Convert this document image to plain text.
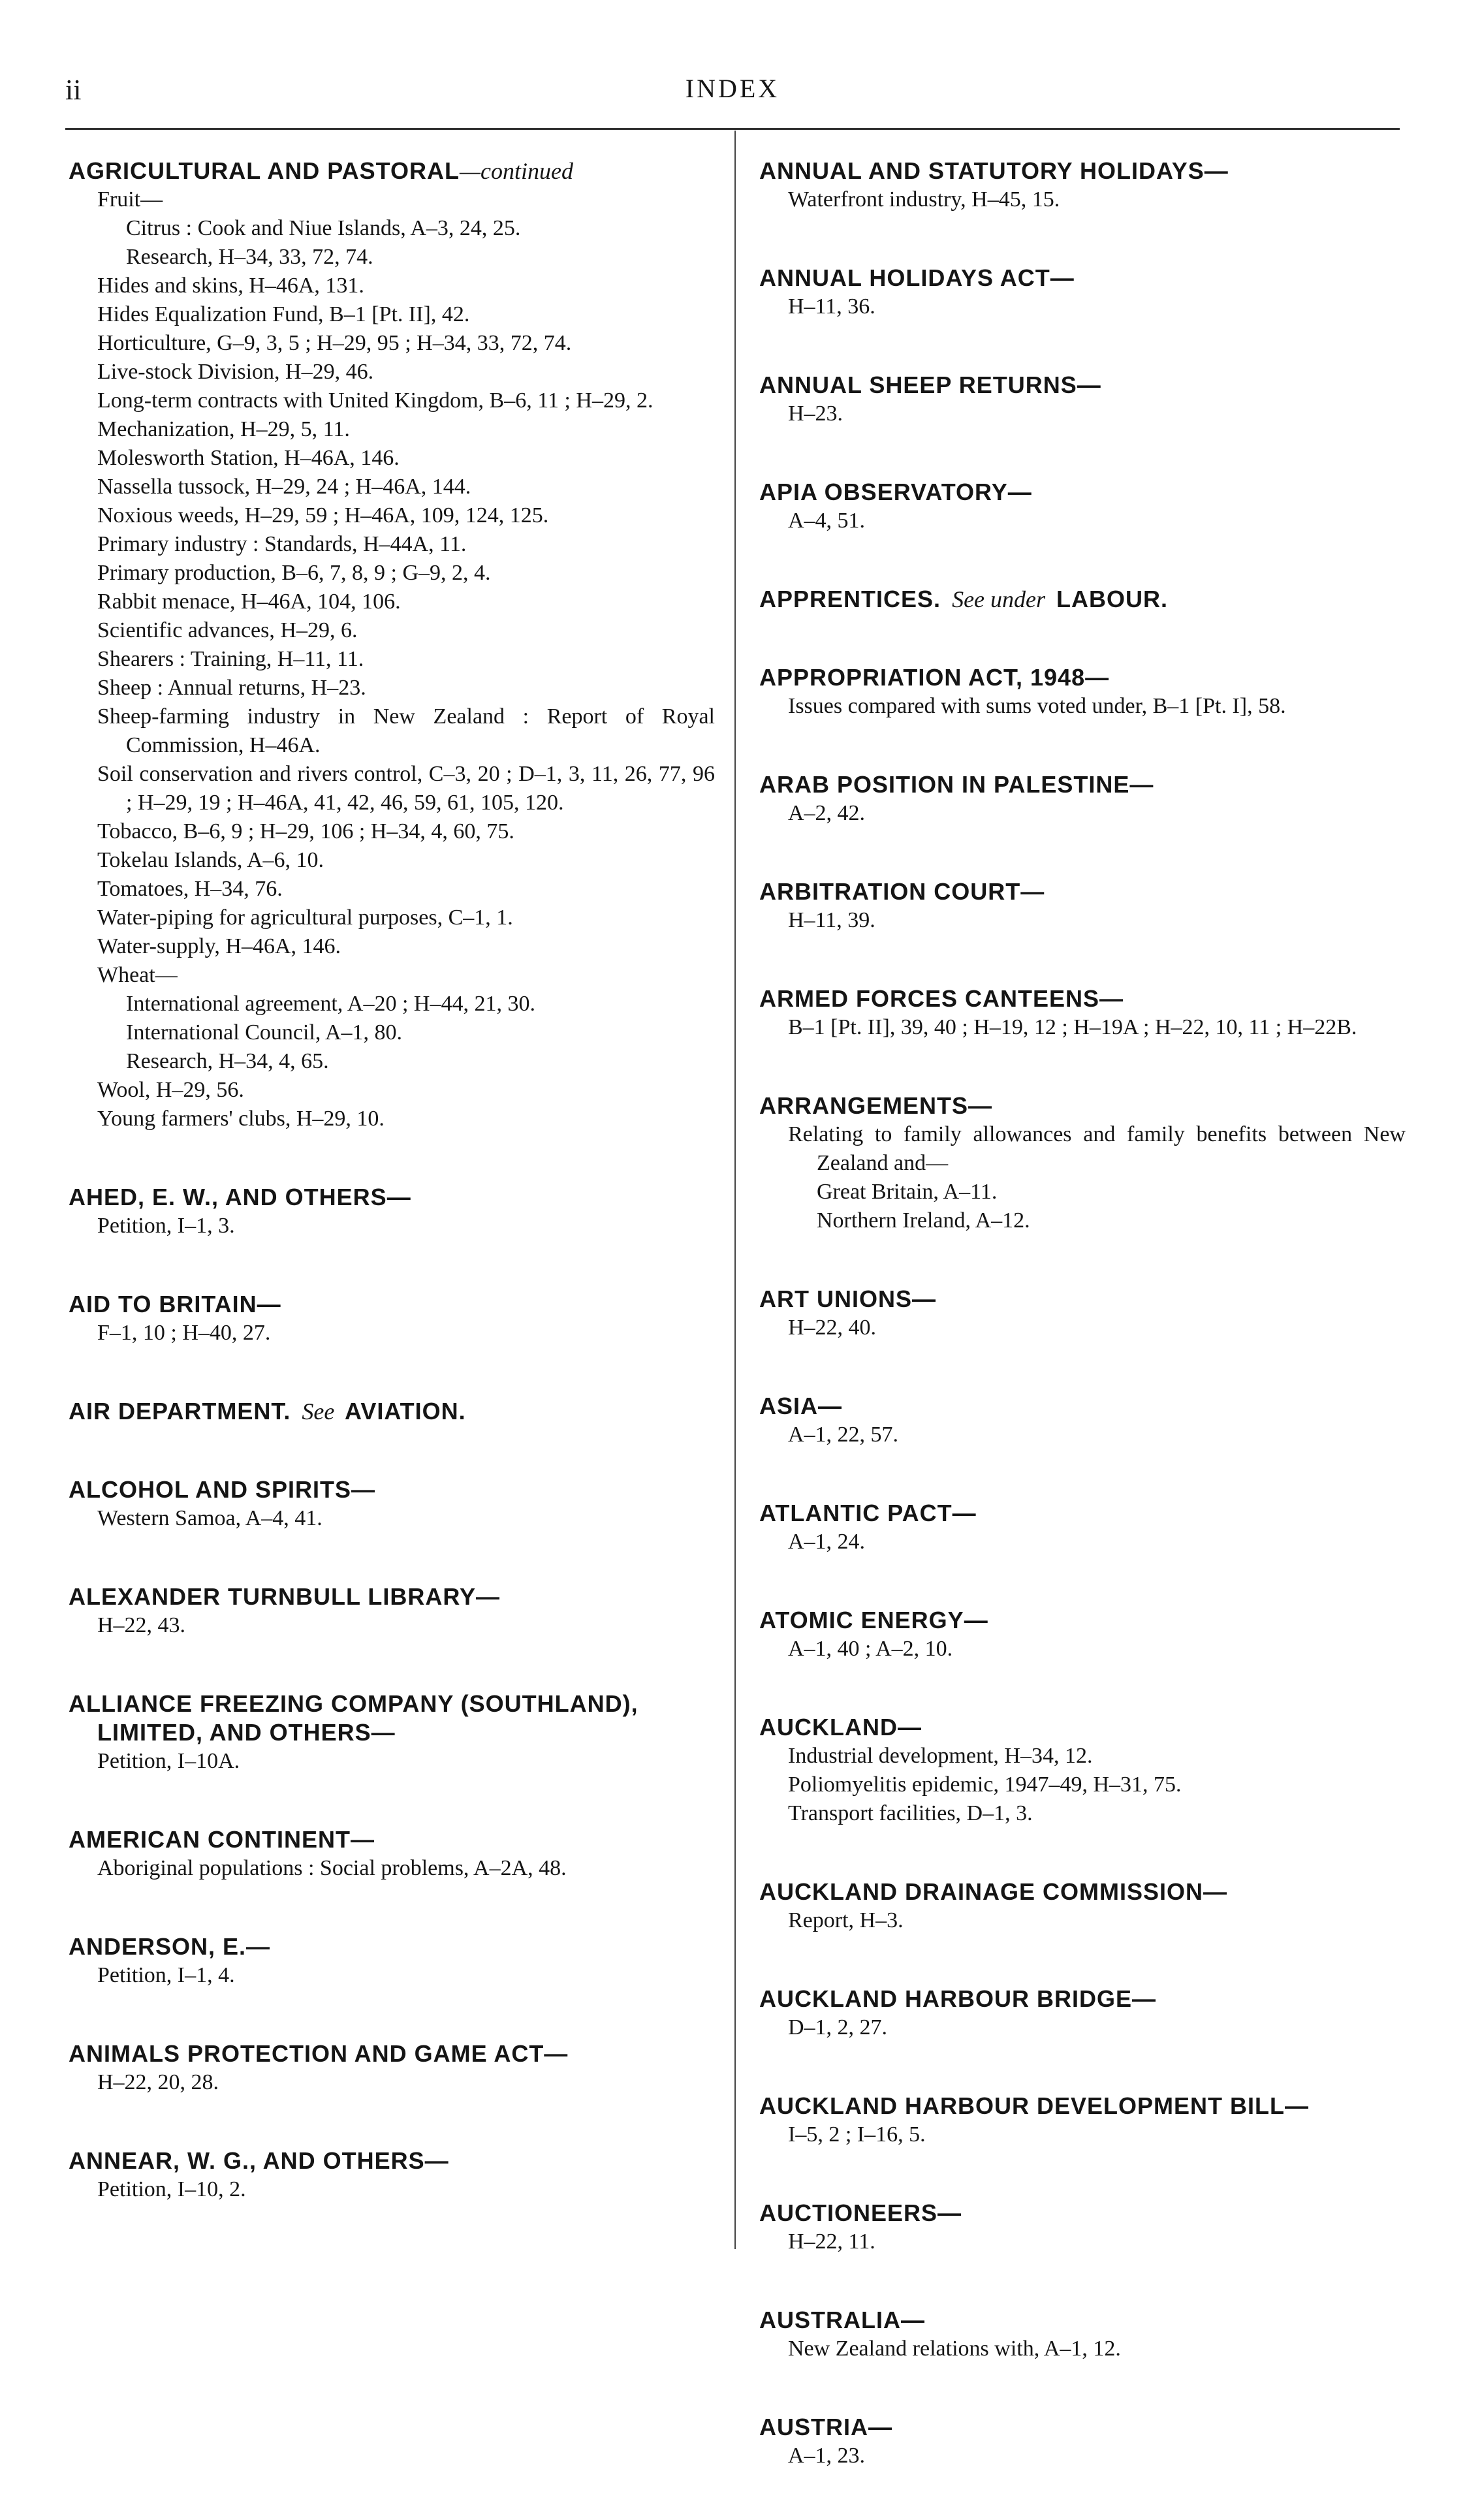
ii	INDEX
AGRICULTURAL AND PASTORAL—continued
Fruit—
Citrus : Cook and Niue Islands, A–3, 24, 25.
Research, H–34, 33, 72, 74.
Hides and skins, H–46A, 131.
Hides Equalization Fund, B–1 [Pt. II], 42.
Horticulture, G–9, 3, 5 ; H–29, 95 ; H–34, 33, 72, 74.
Live-stock Division, H–29, 46.
Long-term contracts with United Kingdom, B–6, 11 ; H–29, 2.
Mechanization, H–29, 5, 11.
Molesworth Station, H–46A, 146.
Nassella tussock, H–29, 24 ; H–46A, 144.
Noxious weeds, H–29, 59 ; H–46A, 109, 124, 125.
Primary industry : Standards, H–44A, 11.
Primary production, B–6, 7, 8, 9 ; G–9, 2, 4.
Rabbit menace, H–46A, 104, 106.
Scientific advances, H–29, 6.
Shearers : Training, H–11, 11.
Sheep : Annual returns, H–23.
Sheep-farming industry in New Zealand : Report of Royal Commission, H–46A.
Soil conservation and rivers control, C–3, 20 ; D–1, 3, 11, 26, 77, 96 ; H–29, 19 ; H–46A, 41, 42, 46, 59, 61, 105, 120.
Tobacco, B–6, 9 ; H–29, 106 ; H–34, 4, 60, 75.
Tokelau Islands, A–6, 10.
Tomatoes, H–34, 76.
Water-piping for agricultural purposes, C–1, 1.
Water-supply, H–46A, 146.
Wheat—
International agreement, A–20 ; H–44, 21, 30.
International Council, A–1, 80.
Research, H–34, 4, 65.
Wool, H–29, 56.
Young farmers' clubs, H–29, 10.
AHED, E. W., AND OTHERS—
Petition, I–1, 3.
AID TO BRITAIN—
F–1, 10 ; H–40, 27.
AIR DEPARTMENT. See AVIATION.
ALCOHOL AND SPIRITS—
Western Samoa, A–4, 41.
ALEXANDER TURNBULL LIBRARY—
H–22, 43.
ALLIANCE FREEZING COMPANY (SOUTHLAND), LIMITED, AND OTHERS—
Petition, I–10A.
AMERICAN CONTINENT—
Aboriginal populations : Social problems, A–2A, 48.
ANDERSON, E.—
Petition, I–1, 4.
ANIMALS PROTECTION AND GAME ACT—
H–22, 20, 28.
ANNEAR, W. G., AND OTHERS—
Petition, I–10, 2.
ANNUAL AND STATUTORY HOLIDAYS—
Waterfront industry, H–45, 15.
ANNUAL HOLIDAYS ACT—
H–11, 36.
ANNUAL SHEEP RETURNS—
H–23.
APIA OBSERVATORY—
A–4, 51.
APPRENTICES. See under LABOUR.
APPROPRIATION ACT, 1948—
Issues compared with sums voted under, B–1 [Pt. I], 58.
ARAB POSITION IN PALESTINE—
A–2, 42.
ARBITRATION COURT—
H–11, 39.
ARMED FORCES CANTEENS—
B–1 [Pt. II], 39, 40 ; H–19, 12 ; H–19A ; H–22, 10, 11 ; H–22B.
ARRANGEMENTS—
Relating to family allowances and family benefits between New Zealand and—
Great Britain, A–11.
Northern Ireland, A–12.
ART UNIONS—
H–22, 40.
ASIA—
A–1, 22, 57.
ATLANTIC PACT—
A–1, 24.
ATOMIC ENERGY—
A–1, 40 ; A–2, 10.
AUCKLAND—
Industrial development, H–34, 12.
Poliomyelitis epidemic, 1947–49, H–31, 75.
Transport facilities, D–1, 3.
AUCKLAND DRAINAGE COMMISSION—
Report, H–3.
AUCKLAND HARBOUR BRIDGE—
D–1, 2, 27.
AUCKLAND HARBOUR DEVELOPMENT BILL—
I–5, 2 ; I–16, 5.
AUCTIONEERS—
H–22, 11.
AUSTRALIA—
New Zealand relations with, A–1, 12.
AUSTRIA—
A–1, 23.
